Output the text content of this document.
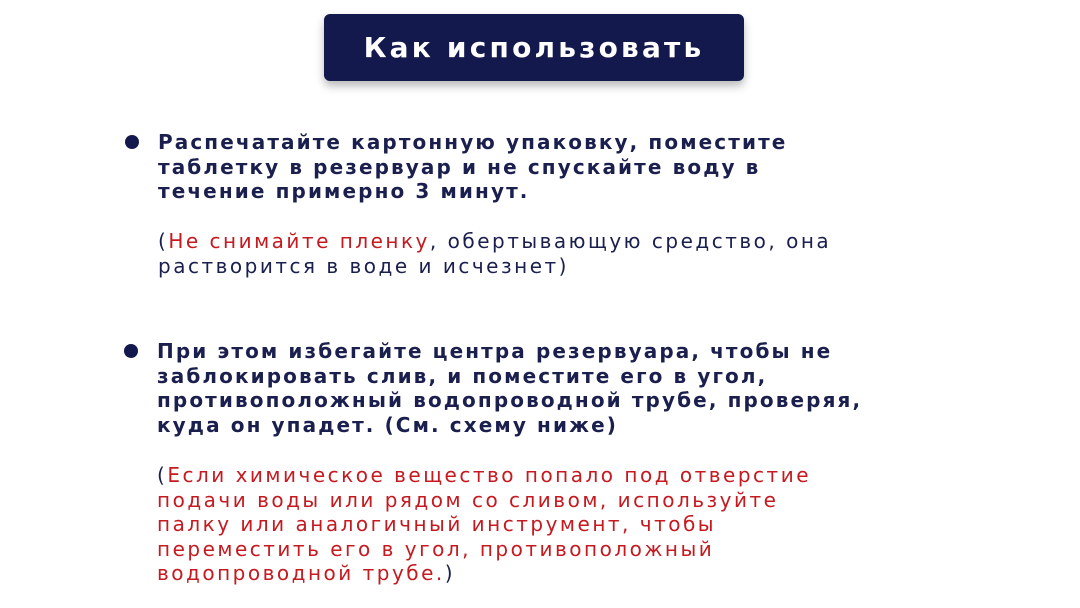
Как использовать
Распечатайте картонную упаковку, поместите
таблетку в резервуар и не спускайте воду в
течение примерно 3 минут.
(Не снимайте пленку, обертывающую средство, она
растворится в воде и исчезнет)
При этом избегайте центра резервуара, чтобы не
заблокировать слив, и поместите его в угол,
противоположный водопроводной трубе, проверяя,
куда он упадет. (См. схему ниже)
(Если химическое вещество попало под отверстие
подачи воды или рядом со сливом, используйте
палку или аналогичный инструмент, чтобы
переместить его в угол, противоположный
водопроводной трубе.)
